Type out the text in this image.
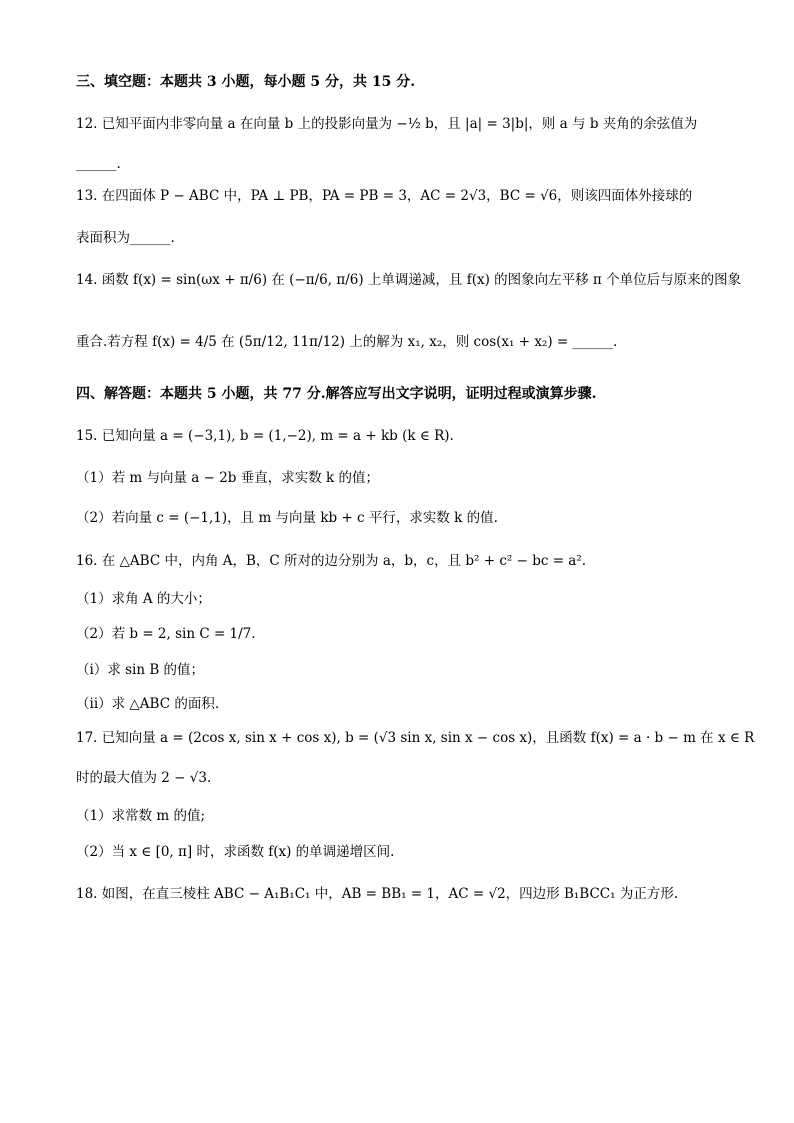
三、填空题：本题共 3 小题，每小题 5 分，共 15 分.
12. 已知平面内非零向量 a 在向量 b 上的投影向量为 −½ b，且 |a| = 3|b|，则 a 与 b 夹角的余弦值为
______.
13. 在四面体 P − ABC 中，PA ⊥ PB，PA = PB = 3，AC = 2√3，BC = √6，则该四面体外接球的
表面积为______.
14. 函数 f(x) = sin(ωx + π/6) 在 (−π/6, π/6) 上单调递减，且 f(x) 的图象向左平移 π 个单位后与原来的图象
重合.若方程 f(x) = 4/5 在 (5π/12, 11π/12) 上的解为 x₁, x₂，则 cos(x₁ + x₂) = ______.
四、解答题：本题共 5 小题，共 77 分.解答应写出文字说明，证明过程或演算步骤.
15. 已知向量 a = (−3,1), b = (1,−2), m = a + kb (k ∈ R).
（1）若 m 与向量 a − 2b 垂直，求实数 k 的值；
（2）若向量 c = (−1,1)，且 m 与向量 kb + c 平行，求实数 k 的值.
16. 在 △ABC 中，内角 A，B，C 所对的边分别为 a，b，c，且 b² + c² − bc = a².
（1）求角 A 的大小；
（2）若 b = 2, sin C = 1/7.
（i）求 sin B 的值；
（ii）求 △ABC 的面积.
17. 已知向量 a = (2cos x, sin x + cos x), b = (√3 sin x, sin x − cos x)，且函数 f(x) = a · b − m 在 x ∈ R
时的最大值为 2 − √3.
（1）求常数 m 的值;
（2）当 x ∈ [0, π] 时，求函数 f(x) 的单调递增区间.
18. 如图，在直三棱柱 ABC − A₁B₁C₁ 中，AB = BB₁ = 1，AC = √2，四边形 B₁BCC₁ 为正方形.
